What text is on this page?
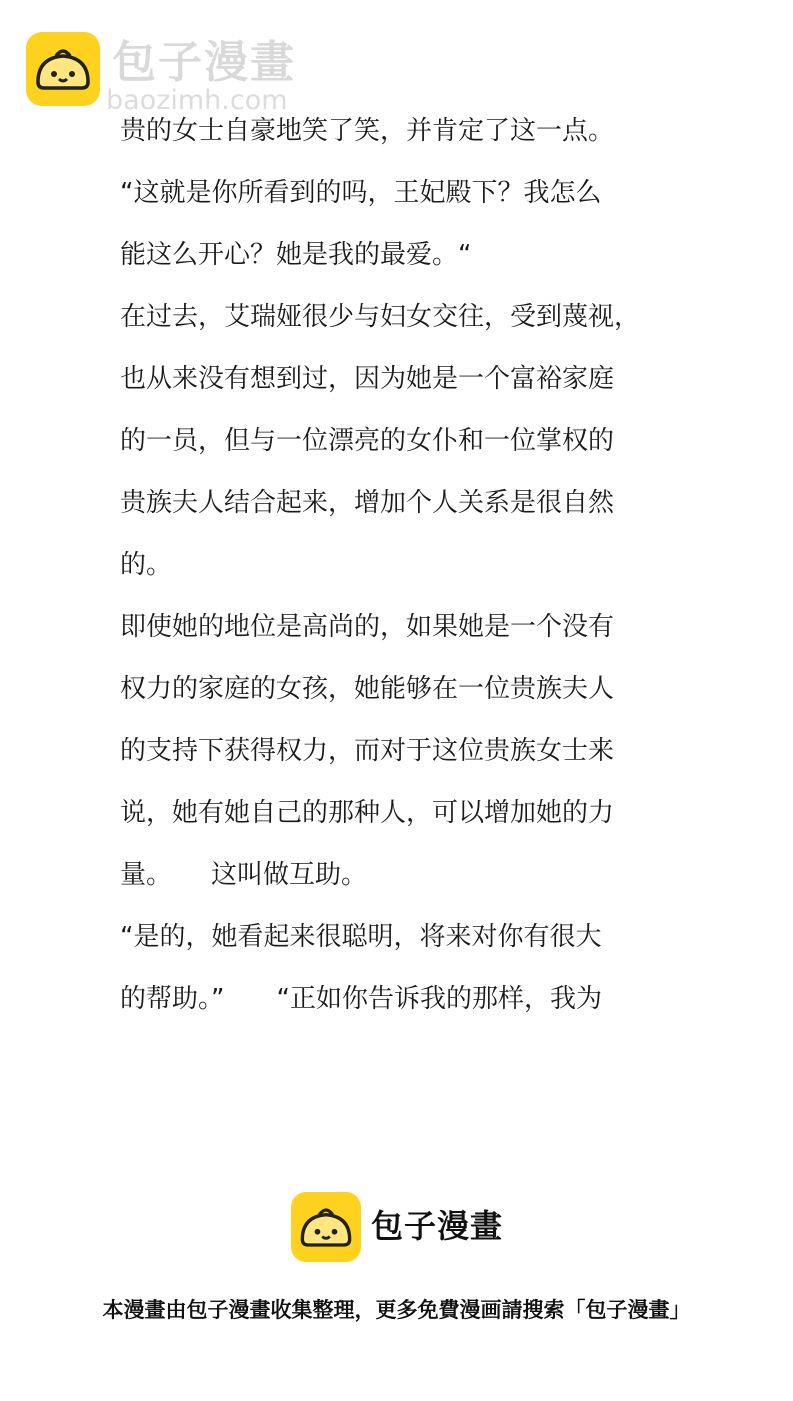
包子漫畫
baozimh.com
贵的女士自豪地笑了笑，并肯定了这一点。
“这就是你所看到的吗，王妃殿下？我怎么
能这么开心？她是我的最爱。“
在过去，艾瑞娅很少与妇女交往，受到蔑视，
也从来没有想到过，因为她是一个富裕家庭
的一员，但与一位漂亮的女仆和一位掌权的
贵族夫人结合起来，增加个人关系是很自然
的。
即使她的地位是高尚的，如果她是一个没有
权力的家庭的女孩，她能够在一位贵族夫人
的支持下获得权力，而对于这位贵族女士来
说，她有她自己的那种人，可以增加她的力
量。　　这叫做互助。
“是的，她看起来很聪明，将来对你有很大
的帮助。”　　“正如你告诉我的那样，我为
包子漫畫
本漫畫由包子漫畫收集整理，更多免費漫画請搜索「包子漫畫」
